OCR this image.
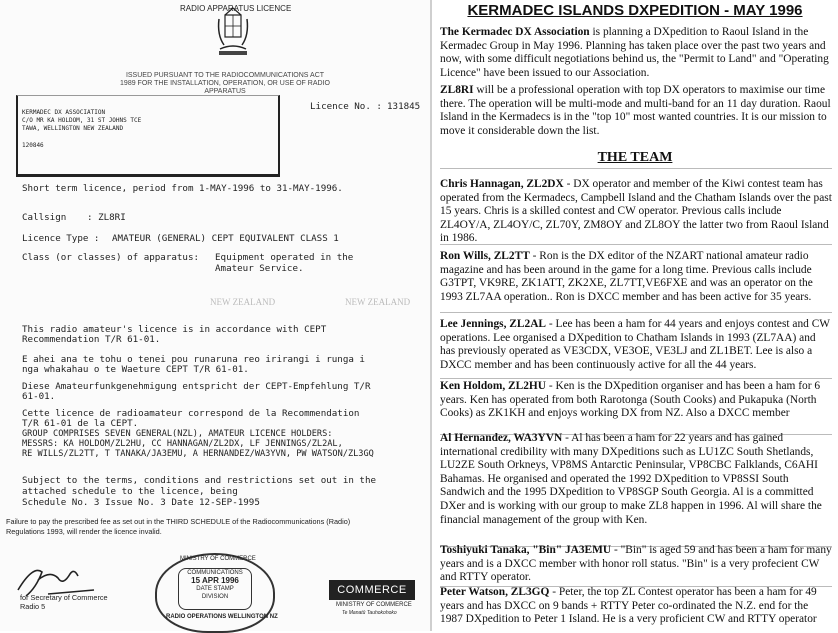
RADIO APPARATUS LICENCE
ISSUED PURSUANT TO THE RADIOCOMMUNICATIONS ACT 1989 FOR THE INSTALLATION, OPERATION, OR USE OF RADIO APPARATUS
KERMADEC DX ASSOCIATION
C/O MR KA HOLDOM, 31 ST JOHNS TCE
TAWA, WELLINGTON NEW ZEALAND
120846
Licence No. : 131845
Short term licence, period from 1-MAY-1996 to 31-MAY-1996.
Callsign : ZL8RI
Licence Type : AMATEUR (GENERAL) CEPT EQUIVALENT CLASS 1
Class (or classes) of apparatus: Equipment operated in the
Amateur Service.
NEW ZEALAND	NEW ZEALAND
This radio amateur's licence is in accordance with CEPT
Recommendation T/R 61-01.
E ahei ana te tohu o tenei pou runaruna reo irirangi i runga i
nga whakahau o te Waeture CEPT T/R 61-01.
Diese Amateurfunkgenehmigung entspricht der CEPT-Empfehlung T/R
61-01.
Cette licence de radioamateur correspond de la Recommendation
T/R 61-01 de la CEPT.
GROUP COMPRISES SEVEN GENERAL(NZL), AMATEUR LICENCE HOLDERS:
MESSRS: KA HOLDOM/ZL2HU, CC HANNAGAN/ZL2DX, LF JENNINGS/ZL2AL,
RE WILLS/ZL2TT, T TANAKA/JA3EMU, A HERNANDEZ/WA3YVN, PW WATSON/ZL3GQ
Subject to the terms, conditions and restrictions set out in the
attached schedule to the licence, being
Schedule No. 3 Issue No. 3 Date 12-SEP-1995
Failure to pay the prescribed fee as set out in the THIRD SCHEDULE of the Radiocommunications (Radio)
Regulations 1993, will render the licence invalid.
for Secretary of Commerce
Radio 5
MINISTRY OF COMMERCE
COMMUNICATIONS
15 APR 1996
DATE STAMP
DIVISION
RADIO OPERATIONS WELLINGTON NZ
COMMERCE
MINISTRY OF COMMERCE
Te Manatū Tauhokohoko
KERMADEC ISLANDS DXPEDITION - MAY 1996
The Kermadec DX Association is planning a DXpedition to Raoul Island in the Kermadec Group in May 1996. Planning has taken place over the past two years and now, with some difficult negotiations behind us, the "Permit to Land" and "Operating Licence" have been issued to our Association.
ZL8RI will be a professional operation with top DX operators to maximise our time there. The operation will be multi-mode and multi-band for an 11 day duration. Raoul Island in the Kermadecs is in the "top 10" most wanted countries. It is our mission to move it considerable down the list.
THE TEAM
Chris Hannagan, ZL2DX - DX operator and member of the Kiwi contest team has operated from the Kermadecs, Campbell Island and the Chatham Islands over the past 15 years. Chris is a skilled contest and CW operator. Previous calls include ZL4OY/A, ZL4OY/C, ZL70Y, ZM8OY and ZL8OY the latter two from Raoul Island in 1986.
Ron Wills, ZL2TT - Ron is the DX editor of the NZART national amateur radio magazine and has been around in the game for a long time. Previous calls include G3TPT, VK9RE, ZK1ATT, ZK2XE, ZL7TT,VE6FXE and was an operator on the 1993 ZL7AA operation.. Ron is DXCC member and has been active for 35 years.
Lee Jennings, ZL2AL - Lee has been a ham for 44 years and enjoys contest and CW operations. Lee organised a DXpedition to Chatham Islands in 1993 (ZL7AA) and has previously operated as VE3CDX, VE3OE, VE3LJ and ZL1BET. Lee is also a DXCC member and has been continuously active for all the 44 years.
Ken Holdom, ZL2HU - Ken is the DXpedition organiser and has been a ham for 6 years. Ken has operated from both Rarotonga (South Cooks) and Pukapuka (North Cooks) as ZK1KH and enjoys working DX from NZ. Also a DXCC member
Al Hernandez, WA3YVN - Al has been a ham for 22 years and has gained international credibility with many DXpeditions such as LU1ZC South Shetlands, LU2ZE South Orkneys, VP8MS Antarctic Peninsular, VP8CBC Falklands, C6AHI Bahamas. He organised and operated the 1992 DXpedition to VP8SSI South Sandwich and the 1995 DXpedition to VP8SGP South Georgia. Al is a committed DXer and is working with our group to make ZL8 happen in 1996. Al will share the financial management of the group with Ken.
Toshiyuki Tanaka, "Bin" JA3EMU - "Bin" is aged 59 and has been a ham for many years and is a DXCC member with honor roll status. "Bin" is a very profecient CW and RTTY operator.
Peter Watson, ZL3GQ - Peter, the top ZL Contest operator has been a ham for 49 years and has DXCC on 9 bands + RTTY Peter co-ordinated the N.Z. end for the 1987 DXpedition to Peter 1 Island. He is a very proficient CW and RTTY operator
